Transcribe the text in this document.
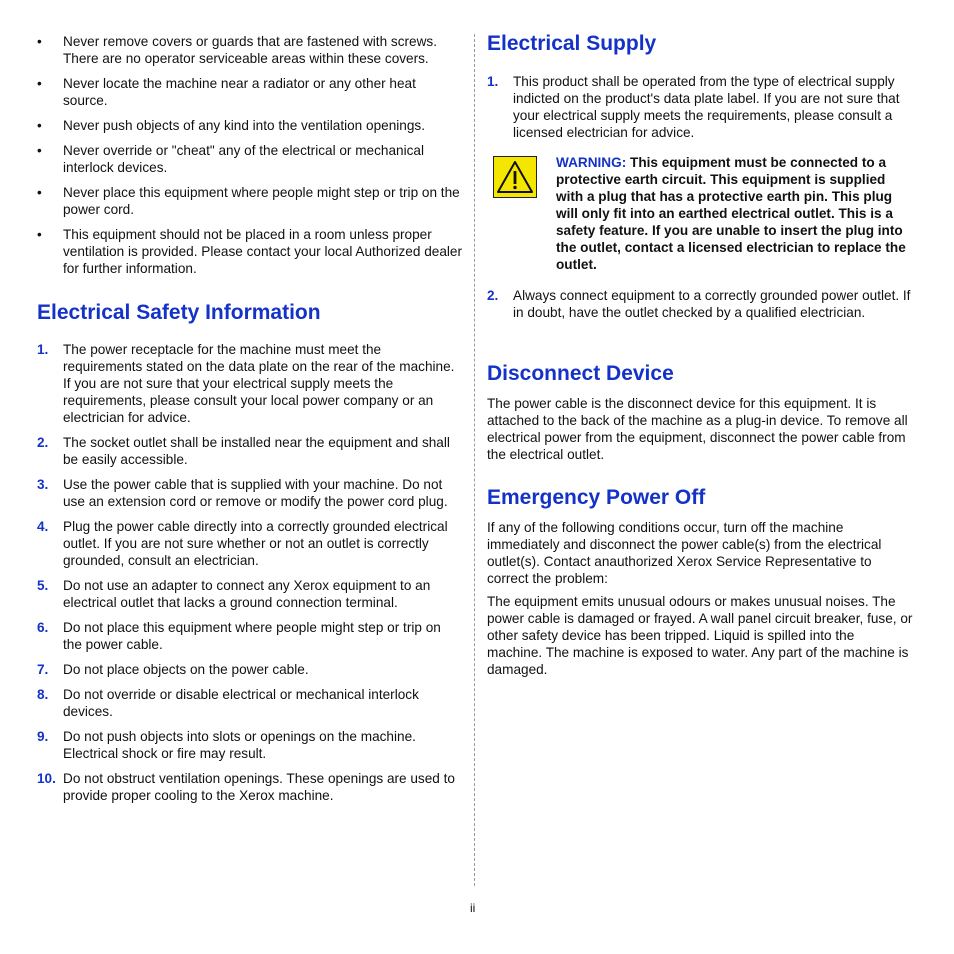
• Never remove covers or guards that are fastened with screws. There are no operator serviceable areas within these covers.
• Never locate the machine near a radiator or any other heat source.
• Never push objects of any kind into the ventilation openings.
• Never override or "cheat" any of the electrical or mechanical interlock devices.
• Never place this equipment where people might step or trip on the power cord.
• This equipment should not be placed in a room unless proper ventilation is provided. Please contact your local Authorized dealer for further information.
Electrical Safety Information
1. The power receptacle for the machine must meet the requirements stated on the data plate on the rear of the machine. If you are not sure that your electrical supply meets the requirements, please consult your local power company or an electrician for advice.
2. The socket outlet shall be installed near the equipment and shall be easily accessible.
3. Use the power cable that is supplied with your machine. Do not use an extension cord or remove or modify the power cord plug.
4. Plug the power cable directly into a correctly grounded electrical outlet. If you are not sure whether or not an outlet is correctly grounded, consult an electrician.
5. Do not use an adapter to connect any Xerox equipment to an electrical outlet that lacks a ground connection terminal.
6. Do not place this equipment where people might step or trip on the power cable.
7. Do not place objects on the power cable.
8. Do not override or disable electrical or mechanical interlock devices.
9. Do not push objects into slots or openings on the machine. Electrical shock or fire may result.
10. Do not obstruct ventilation openings. These openings are used to provide proper cooling to the Xerox machine.
Electrical Supply
1. This product shall be operated from the type of electrical supply indicted on the product's data plate label. If you are not sure that your electrical supply meets the requirements, please consult a licensed electrician for advice.
WARNING: This equipment must be connected to a protective earth circuit. This equipment is supplied with a plug that has a protective earth pin. This plug will only fit into an earthed electrical outlet. This is a safety feature. If you are unable to insert the plug into the outlet, contact a licensed electrician to replace the outlet.
2. Always connect equipment to a correctly grounded power outlet. If in doubt, have the outlet checked by a qualified electrician.
Disconnect Device

The power cable is the disconnect device for this equipment. It is attached to the back of the machine as a plug-in device. To remove all electrical power from the equipment, disconnect the power cable from the electrical outlet.

Emergency Power Off

If any of the following conditions occur, turn off the machine immediately and disconnect the power cable(s) from the electrical outlet(s). Contact anauthorized Xerox Service Representative to correct the problem:

The equipment emits unusual odours or makes unusual noises. The power cable is damaged or frayed. A wall panel circuit breaker, fuse, or other safety device has been tripped. Liquid is spilled into the machine. The machine is exposed to water. Any part of the machine is damaged.

ii
